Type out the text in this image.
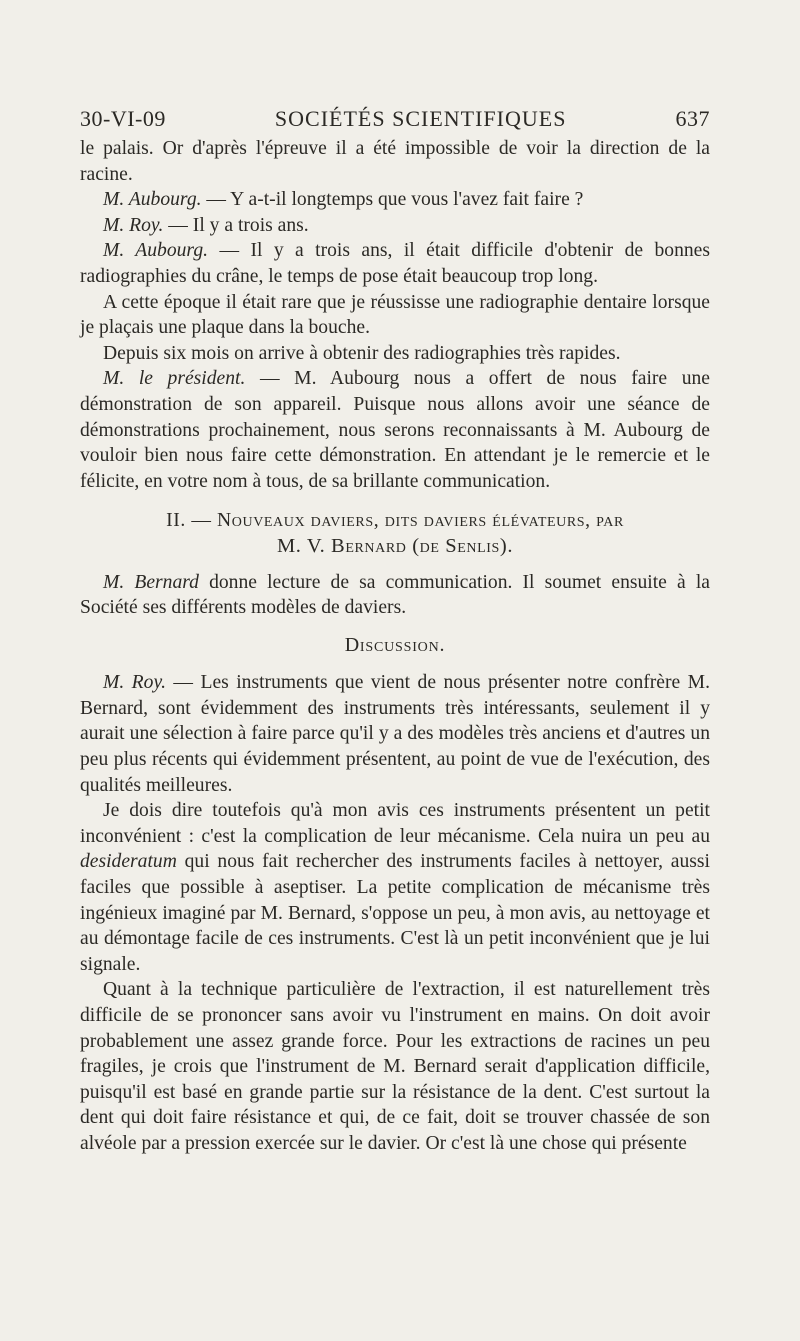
30-VI-09	SOCIÉTÉS SCIENTIFIQUES	637

le palais. Or d'après l'épreuve il a été impossible de voir la direction de la racine.

M. Aubourg. — Y a-t-il longtemps que vous l'avez fait faire ?

M. Roy. — Il y a trois ans.

M. Aubourg. — Il y a trois ans, il était difficile d'obtenir de bonnes radiographies du crâne, le temps de pose était beaucoup trop long.

A cette époque il était rare que je réussisse une radiographie dentaire lorsque je plaçais une plaque dans la bouche.

Depuis six mois on arrive à obtenir des radiographies très rapides.

M. le président. — M. Aubourg nous a offert de nous faire une démonstration de son appareil. Puisque nous allons avoir une séance de démonstrations prochainement, nous serons reconnaissants à M. Aubourg de vouloir bien nous faire cette démonstration. En attendant je le remercie et le félicite, en votre nom à tous, de sa brillante communication.

II. — Nouveaux daviers, dits daviers élévateurs, par
M. V. Bernard (de Senlis).

M. Bernard donne lecture de sa communication. Il soumet ensuite à la Société ses différents modèles de daviers.

Discussion.

M. Roy. — Les instruments que vient de nous présenter notre confrère M. Bernard, sont évidemment des instruments très intéressants, seulement il y aurait une sélection à faire parce qu'il y a des modèles très anciens et d'autres un peu plus récents qui évidemment présentent, au point de vue de l'exécution, des qualités meilleures.

Je dois dire toutefois qu'à mon avis ces instruments présentent un petit inconvénient : c'est la complication de leur mécanisme. Cela nuira un peu au desideratum qui nous fait rechercher des instruments faciles à nettoyer, aussi faciles que possible à aseptiser. La petite complication de mécanisme très ingénieux imaginé par M. Bernard, s'oppose un peu, à mon avis, au nettoyage et au démontage facile de ces instruments. C'est là un petit inconvénient que je lui signale.

Quant à la technique particulière de l'extraction, il est naturellement très difficile de se prononcer sans avoir vu l'instrument en mains. On doit avoir probablement une assez grande force. Pour les extractions de racines un peu fragiles, je crois que l'instrument de M. Bernard serait d'application difficile, puisqu'il est basé en grande partie sur la résistance de la dent. C'est surtout la dent qui doit faire résistance et qui, de ce fait, doit se trouver chassée de son alvéole par a pression exercée sur le davier. Or c'est là une chose qui présente
